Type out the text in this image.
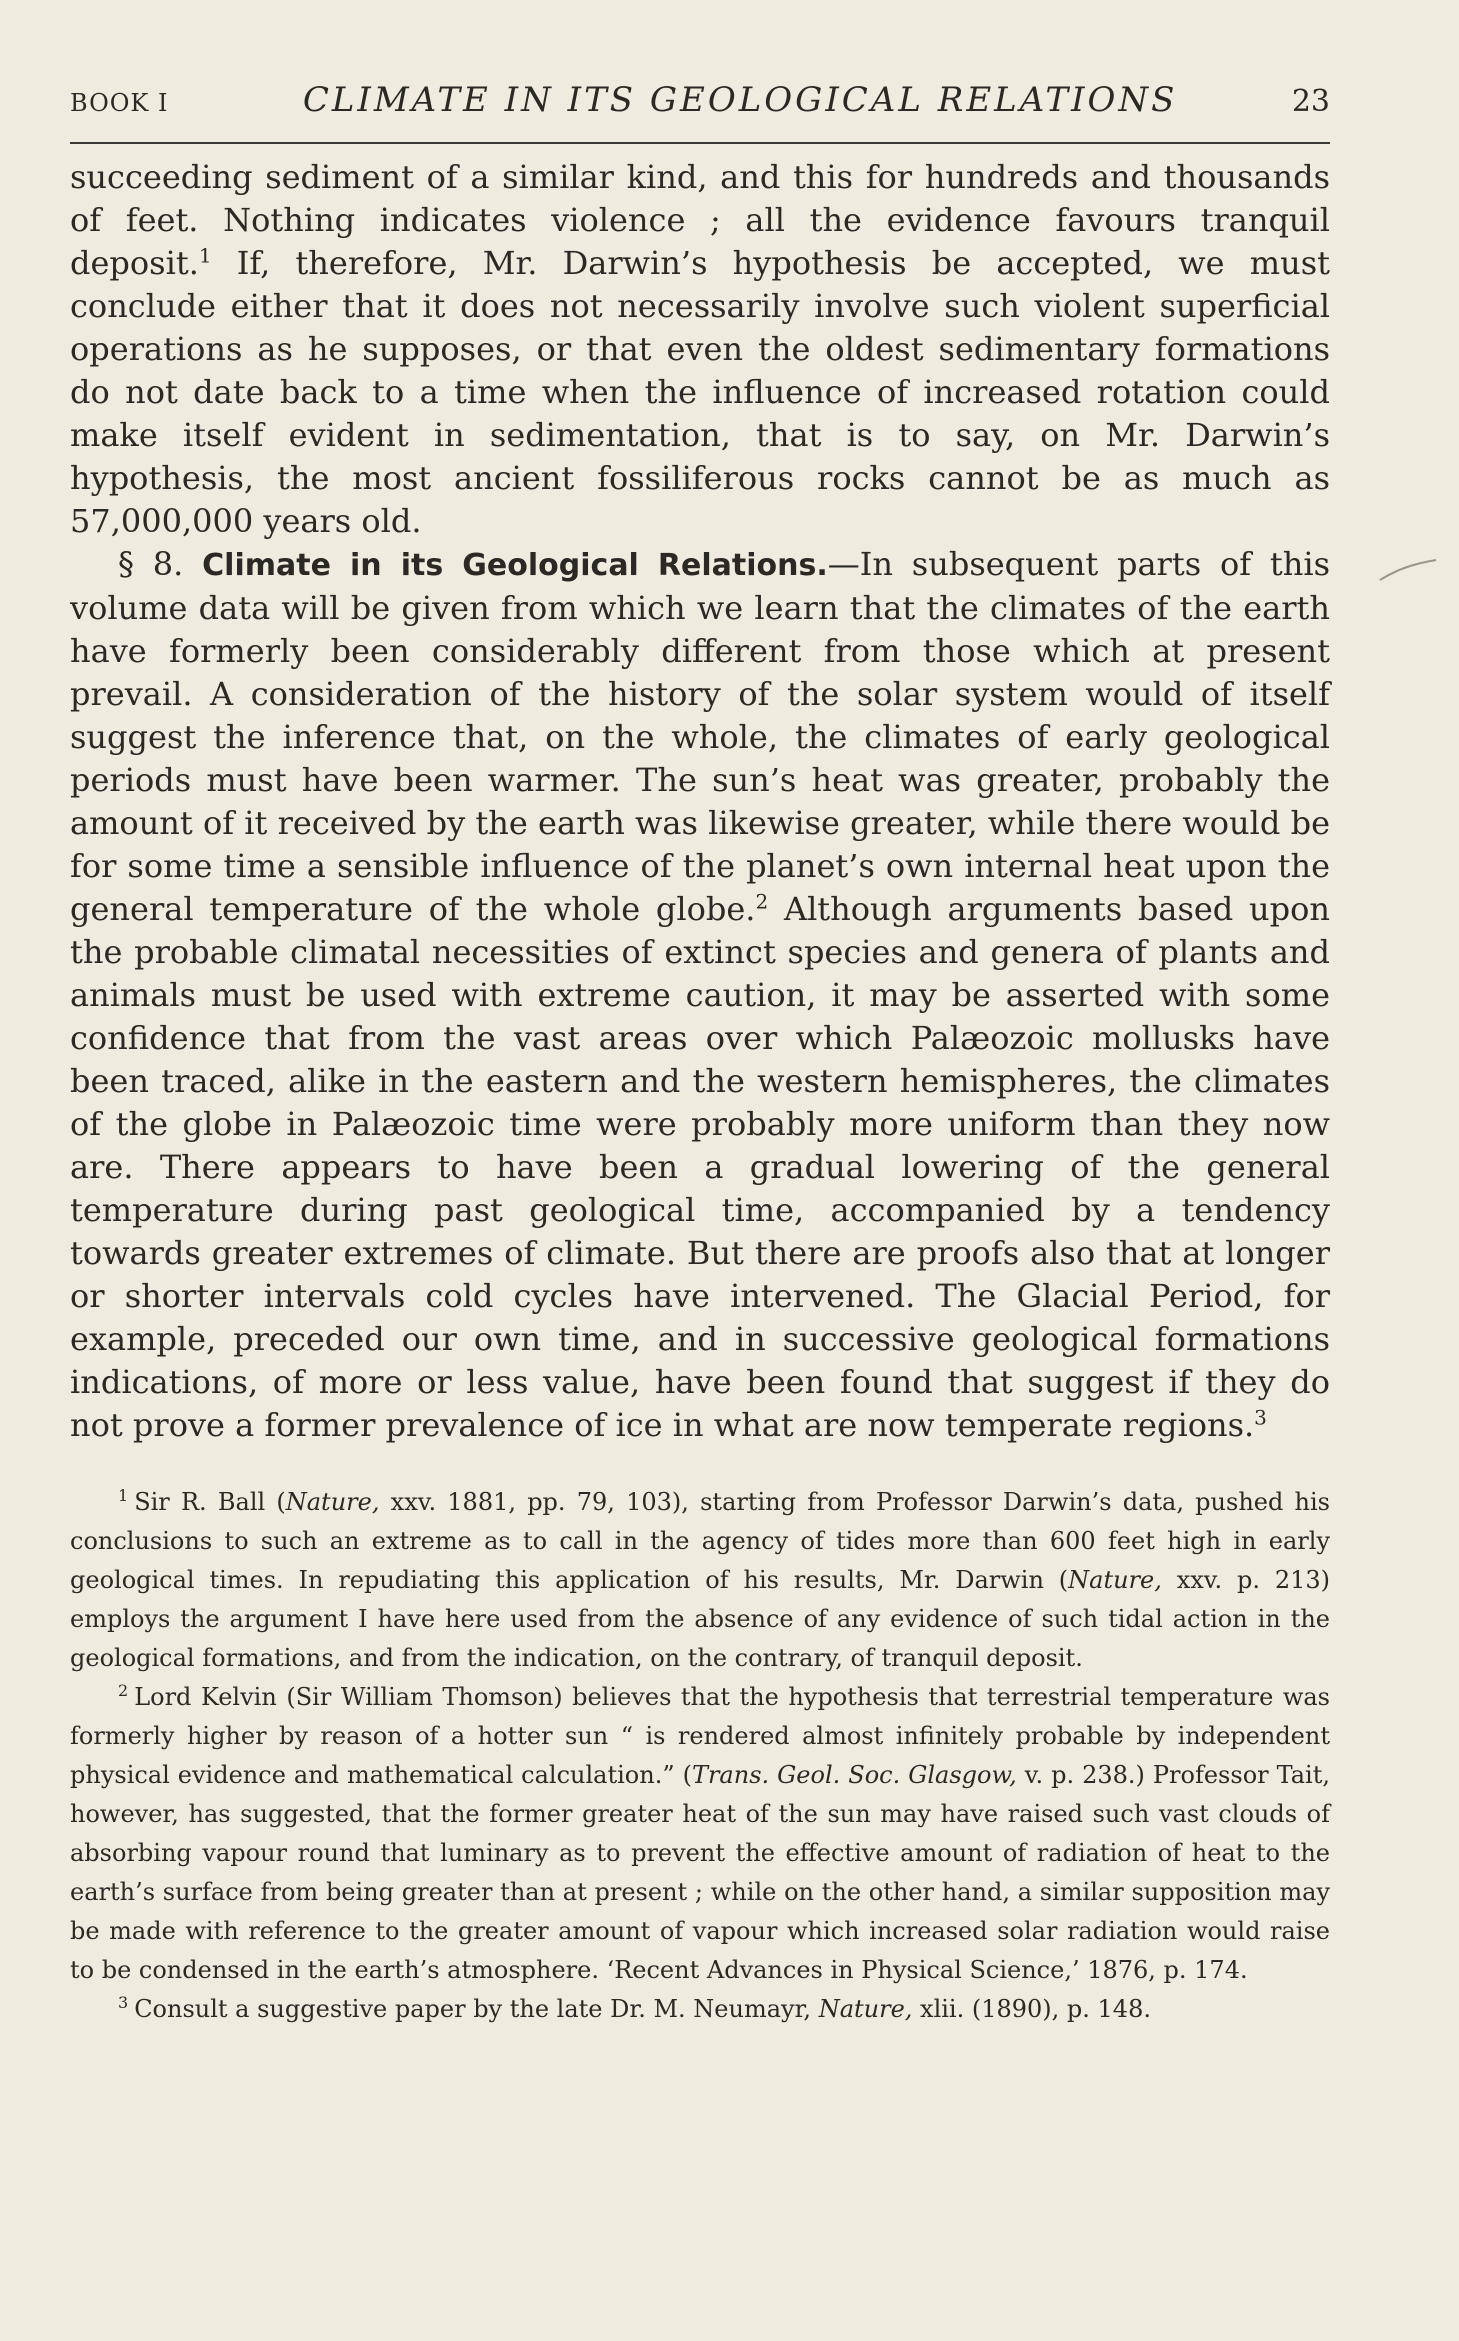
BOOK I	CLIMATE IN ITS GEOLOGICAL RELATIONS	23

succeeding sediment of a similar kind, and this for hundreds and thousands of feet. Nothing indicates violence ; all the evidence favours tranquil deposit.$^1$ If, therefore, Mr. Darwin’s hypothesis be accepted, we must conclude either that it does not necessarily involve such violent superficial operations as he supposes, or that even the oldest sedimentary formations do not date back to a time when the influence of increased rotation could make itself evident in sedimentation, that is to say, on Mr. Darwin’s hypothesis, the most ancient fossiliferous rocks cannot be as much as 57,000,000 years old.

§ 8. Climate in its Geological Relations.—In subsequent parts of this volume data will be given from which we learn that the climates of the earth have formerly been considerably different from those which at present prevail. A consideration of the history of the solar system would of itself suggest the inference that, on the whole, the climates of early geological periods must have been warmer. The sun’s heat was greater, probably the amount of it received by the earth was likewise greater, while there would be for some time a sensible influence of the planet’s own internal heat upon the general temperature of the whole globe.$^2$ Although arguments based upon the probable climatal necessities of extinct species and genera of plants and animals must be used with extreme caution, it may be asserted with some confidence that from the vast areas over which Palæozoic mollusks have been traced, alike in the eastern and the western hemispheres, the climates of the globe in Palæozoic time were probably more uniform than they now are. There appears to have been a gradual lowering of the general temperature during past geological time, accompanied by a tendency towards greater extremes of climate. But there are proofs also that at longer or shorter intervals cold cycles have intervened. The Glacial Period, for example, preceded our own time, and in successive geological formations indications, of more or less value, have been found that suggest if they do not prove a former prevalence of ice in what are now temperate regions.$^3$

$^1$ Sir R. Ball (Nature, xxv. 1881, pp. 79, 103), starting from Professor Darwin’s data, pushed his conclusions to such an extreme as to call in the agency of tides more than 600 feet high in early geological times. In repudiating this application of his results, Mr. Darwin (Nature, xxv. p. 213) employs the argument I have here used from the absence of any evidence of such tidal action in the geological formations, and from the indication, on the contrary, of tranquil deposit.

$^2$ Lord Kelvin (Sir William Thomson) believes that the hypothesis that terrestrial temperature was formerly higher by reason of a hotter sun “ is rendered almost infinitely probable by independent physical evidence and mathematical calculation.” (Trans. Geol. Soc. Glasgow, v. p. 238.) Professor Tait, however, has suggested, that the former greater heat of the sun may have raised such vast clouds of absorbing vapour round that luminary as to prevent the effective amount of radiation of heat to the earth’s surface from being greater than at present ; while on the other hand, a similar supposition may be made with reference to the greater amount of vapour which increased solar radiation would raise to be condensed in the earth’s atmosphere. ‘Recent Advances in Physical Science,’ 1876, p. 174.

$^3$ Consult a suggestive paper by the late Dr. M. Neumayr, Nature, xlii. (1890), p. 148.
